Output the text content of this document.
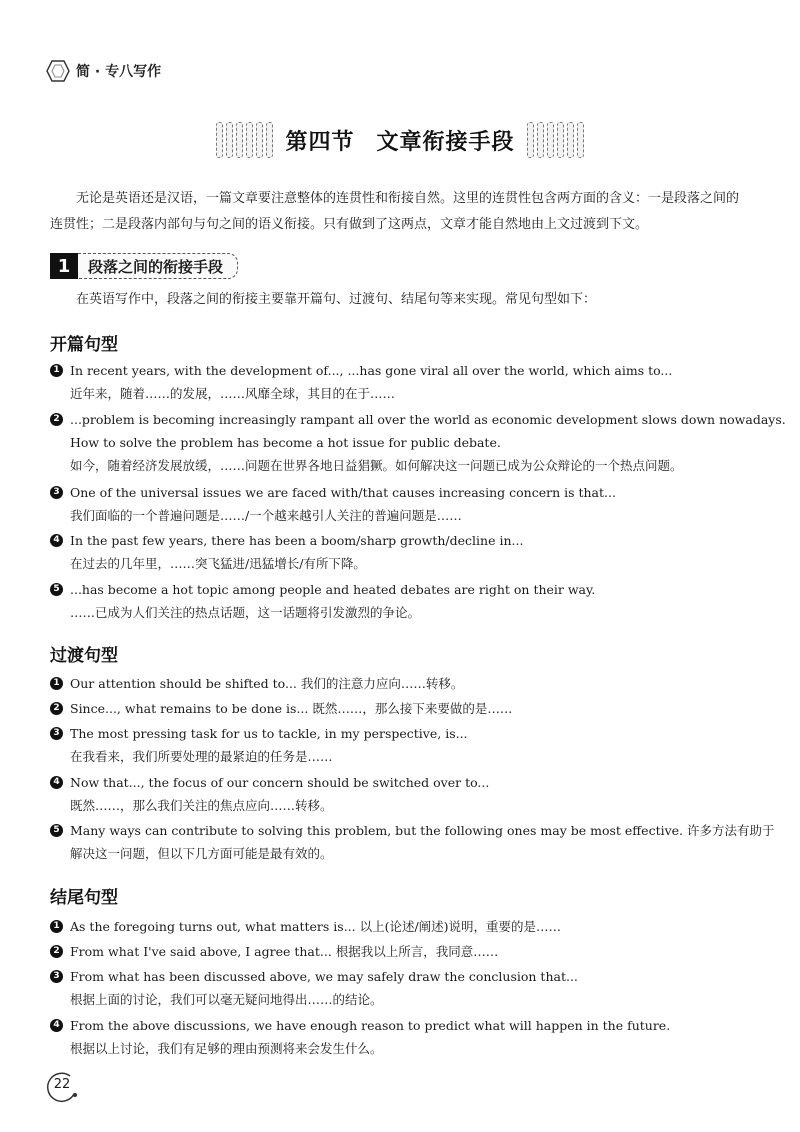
简 · 专八写作
第四节 文章衔接手段
无论是英语还是汉语，一篇文章要注意整体的连贯性和衔接自然。这里的连贯性包含两方面的含义：一是段落之间的连贯性；二是段落内部句与句之间的语义衔接。只有做到了这两点，文章才能自然地由上文过渡到下文。
1	段落之间的衔接手段
在英语写作中，段落之间的衔接主要靠开篇句、过渡句、结尾句等来实现。常见句型如下：
开篇句型
1 In recent years, with the development of..., ...has gone viral all over the world, which aims to...
近年来，随着……的发展，……风靡全球，其目的在于……
2 ...problem is becoming increasingly rampant all over the world as economic development slows down nowadays.
How to solve the problem has become a hot issue for public debate.
如今，随着经济发展放缓，……问题在世界各地日益猖獗。如何解决这一问题已成为公众辩论的一个热点问题。
3 One of the universal issues we are faced with/that causes increasing concern is that...
我们面临的一个普遍问题是……/一个越来越引人关注的普遍问题是……
4 In the past few years, there has been a boom/sharp growth/decline in...
在过去的几年里，……突飞猛进/迅猛增长/有所下降。
5 ...has become a hot topic among people and heated debates are right on their way.
……已成为人们关注的热点话题，这一话题将引发激烈的争论。
过渡句型
1 Our attention should be shifted to... 我们的注意力应向……转移。
2 Since..., what remains to be done is... 既然……，那么接下来要做的是……
3 The most pressing task for us to tackle, in my perspective, is...
在我看来，我们所要处理的最紧迫的任务是……
4 Now that..., the focus of our concern should be switched over to...
既然……，那么我们关注的焦点应向……转移。
5 Many ways can contribute to solving this problem, but the following ones may be most effective. 许多方法有助于
解决这一问题，但以下几方面可能是最有效的。
结尾句型
1 As the foregoing turns out, what matters is... 以上(论述/阐述)说明，重要的是……
2 From what I've said above, I agree that... 根据我以上所言，我同意……
3 From what has been discussed above, we may safely draw the conclusion that...
根据上面的讨论，我们可以毫无疑问地得出……的结论。
4 From the above discussions, we have enough reason to predict what will happen in the future.
根据以上讨论，我们有足够的理由预测将来会发生什么。
22
